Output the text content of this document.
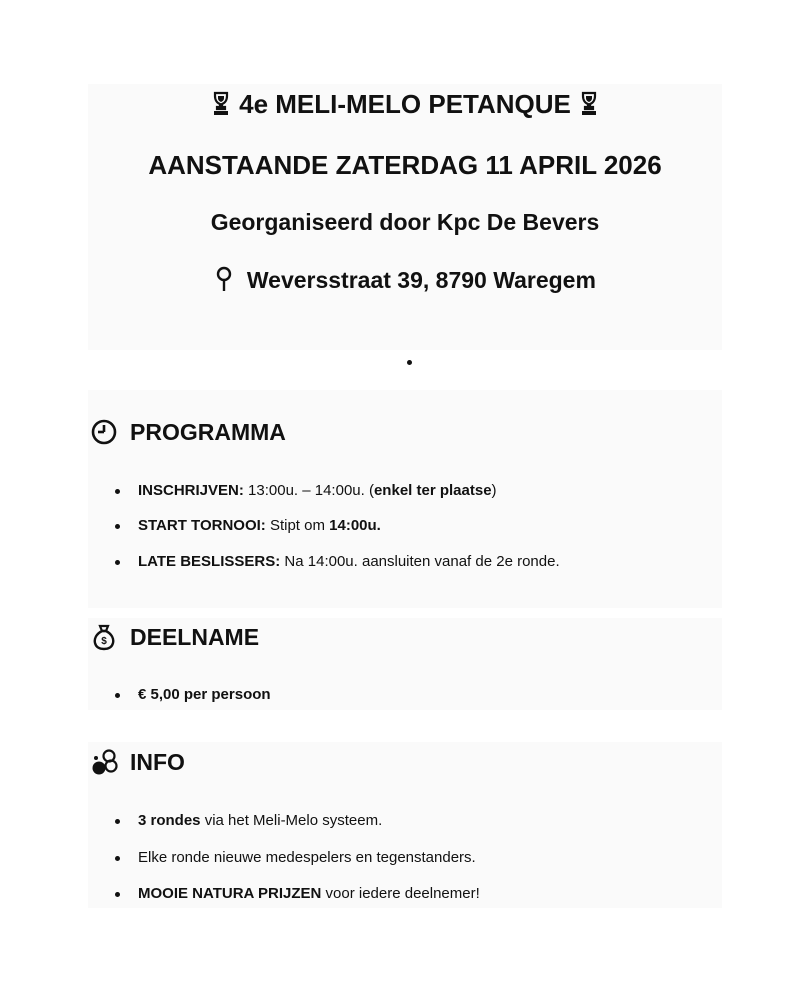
4e MELI-MELO PETANQUE
AANSTAANDE ZATERDAG 11 APRIL 2026
Georganiseerd door Kpc De Bevers
Weversstraat 39, 8790 Waregem
PROGRAMMA
INSCHRIJVEN: 13:00u. – 14:00u. (enkel ter plaatse)
START TORNOOI: Stipt om 14:00u.
LATE BESLISSERS: Na 14:00u. aansluiten vanaf de 2e ronde.
$ DEELNAME
€ 5,00 per persoon
INFO
3 rondes via het Meli-Melo systeem.
Elke ronde nieuwe medespelers en tegenstanders.
MOOIE NATURA PRIJZEN voor iedere deelnemer!
